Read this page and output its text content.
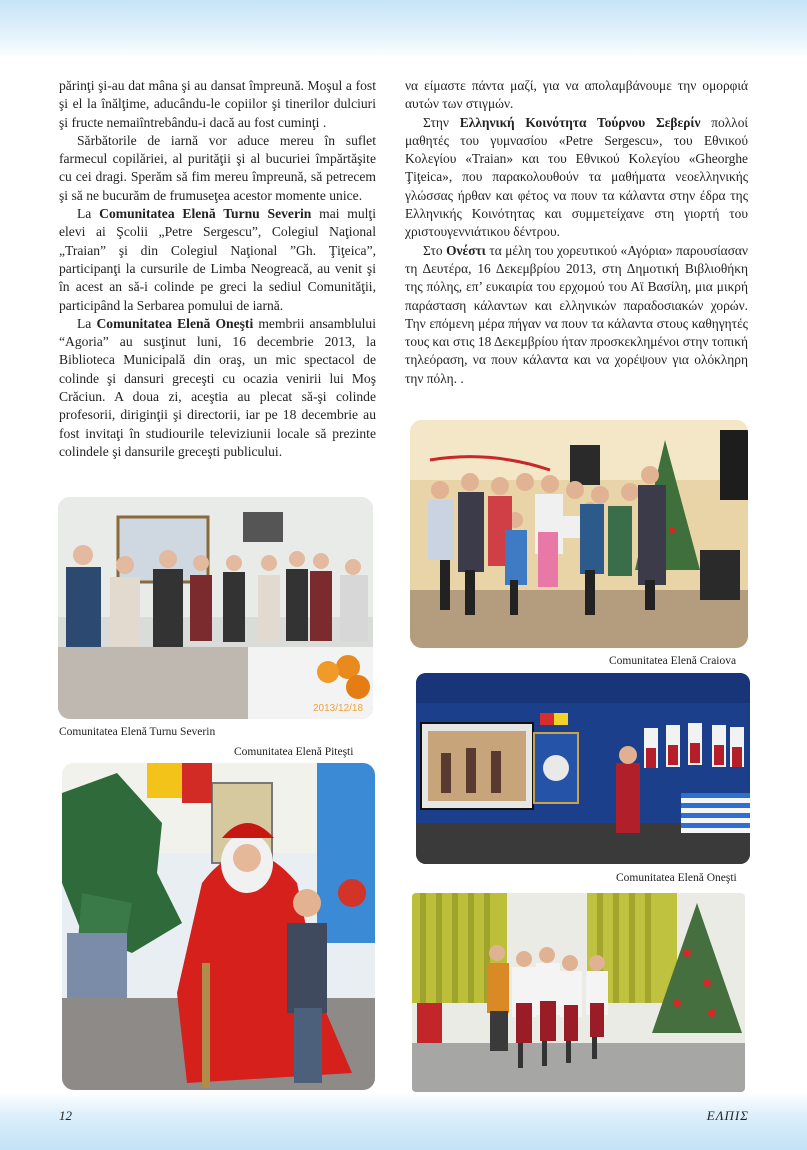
părinţi şi-au dat mâna şi au dansat împreună. Moşul a fost şi el la înălţime, aducându-le copiilor şi tinerilor dulciuri şi fructe nemaiîntrebându-i dacă au fost cuminţi .

Sărbătorile de iarnă vor aduce mereu în suflet farmecul copilăriei, al purităţii şi al bucuriei împărtăşite cu cei dragi. Sperăm să fim mereu împreună, să petrecem şi să ne bucurăm de frumuseţea acestor momente unice.

La Comunitatea Elenă Turnu Severin mai mulţi elevi ai Şcolii „Petre Sergescu”, Colegiul Naţional „Traian” şi din Colegiul Naţional ”Gh. Ţiţeica”, participanţi la cursurile de Limba Neogreacă, au venit şi în acest an să-i colinde pe greci la sediul Comunităţii, participând la Serbarea pomului de iarnă.

La Comunitatea Elenă Oneşti membrii ansamblului “Agoria” au susţinut luni, 16 decembrie 2013, la Biblioteca Municipală din oraş, un mic spectacol de colinde şi dansuri greceşti cu ocazia venirii lui Moş Crăciun. A doua zi, aceştia au plecat să-şi colinde profesorii, diriginţii şi directorii, iar pe 18 decembrie au fost invitaţi în studiourile televiziunii locale să prezinte colindele şi dansurile greceşti publicului.

να είμαστε πάντα μαζί, για να απολαμβάνουμε την ομορφιά αυτών των στιγμών.

Στην Ελληνική Κοινότητα Τούρνου Σεβερίν πολλοί μαθητές του γυμνασίου «Petre Sergescu», του Εθνικού Κολεγίου «Traian» και του Εθνικού Κολεγίου «Gheorghe Ţiţeica», που παρακολουθούν τα μαθήματα νεοελληνικής γλώσσας ήρθαν και φέτος να πουν τα κάλαντα στην έδρα της Ελληνικής Κοινότητας και συμμετείχανε στη γιορτή του χριστουγεννιάτικου δέντρου.

Στο Ονέστι τα μέλη του χορευτικού «Αγόρια» παρουσίασαν τη Δευτέρα, 16 Δεκεμβρίου 2013, στη Δημοτική Βιβλιοθήκη της πόλης, επ’ ευκαιρία του ερχομού του Αϊ Βασίλη, μια μικρή παράσταση κάλαντων και ελληνικών παραδοσιακών χορών. Την επόμενη μέρα πήγαν να πουν τα κάλαντα στους καθηγητές τους και στις 18 Δεκεμβρίου ήταν προσκεκλημένοι στην τοπική τηλεόραση, να πουν κάλαντα και να χορέψουν για ολόκληρη την πόλη. .

2013/12/18
Comunitatea Elenă Turnu Severin
Comunitatea Elenă Piteşti
Comunitatea Elenă Craiova
Comunitatea Elenă Oneşti
12	ΕΛΠΙΣ
